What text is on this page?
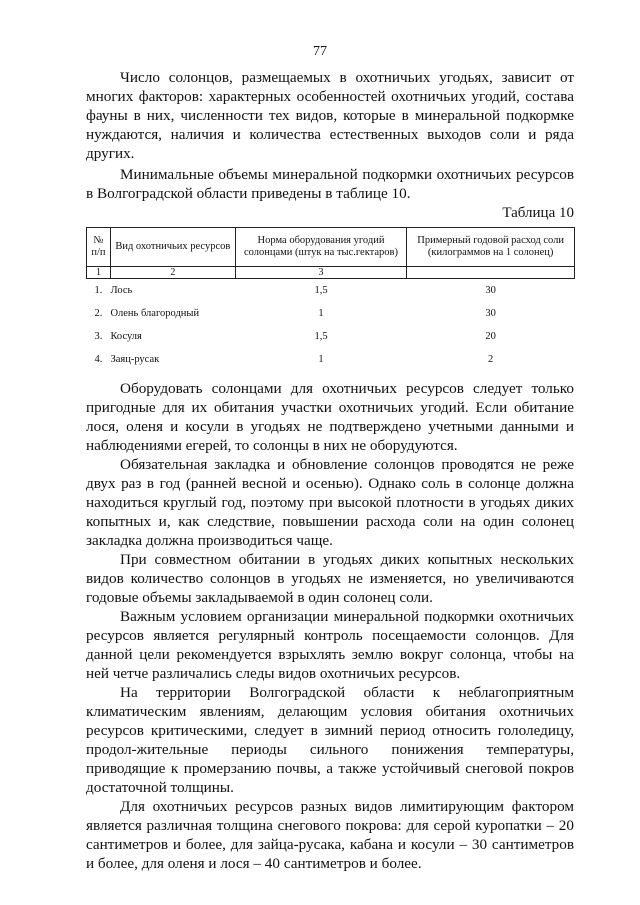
77

Число солонцов, размещаемых в охотничьих угодьях, зависит от многих факторов: характерных особенностей охотничьих угодий, состава фауны в них, численности тех видов, которые в минеральной подкормке нуждаются, наличия и количества естественных выходов соли и ряда других.

Минимальные объемы минеральной подкормки охотничьих ресурсов в Волгоградской области приведены в таблице 10.

Таблица 10
№ п/п	Вид охотничьих ресурсов	Норма оборудования угодий солонцами (штук на тыс.гектаров)	Примерный годовой расход соли (килограммов на 1 солонец)
1	2	3	
1.	Лось	1,5	30
2.	Олень благородный	1	30
3.	Косуля	1,5	20
4.	Заяц-русак	1	2

Оборудовать солонцами для охотничьих ресурсов следует только пригодные для их обитания участки охотничьих угодий. Если обитание лося, оленя и косули в угодьях не подтверждено учетными данными и наблюдениями егерей, то солонцы в них не оборудуются.

Обязательная закладка и обновление солонцов проводятся не реже двух раз в год (ранней весной и осенью). Однако соль в солонце должна находиться круглый год, поэтому при высокой плотности в угодьях диких копытных и, как следствие, повышении расхода соли на один солонец закладка должна производиться чаще.

При совместном обитании в угодьях диких копытных нескольких видов количество солонцов в угодьях не изменяется, но увеличиваются годовые объемы закладываемой в один солонец соли.

Важным условием организации минеральной подкормки охотничьих ресурсов является регулярный контроль посещаемости солонцов. Для данной цели рекомендуется взрыхлять землю вокруг солонца, чтобы на ней четче различались следы видов охотничьих ресурсов.

На территории Волгоградской области к неблагоприятным климатическим явлениям, делающим условия обитания охотничьих ресурсов критическими, следует в зимний период относить гололедицу, продол-жительные периоды сильного понижения температуры, приводящие к промерзанию почвы, а также устойчивый снеговой покров достаточной толщины.

Для охотничьих ресурсов разных видов лимитирующим фактором является различная толщина снегового покрова: для серой куропатки – 20 сантиметров и более, для зайца-русака, кабана и косули – 30 сантиметров и более, для оленя и лося – 40 сантиметров и более.
